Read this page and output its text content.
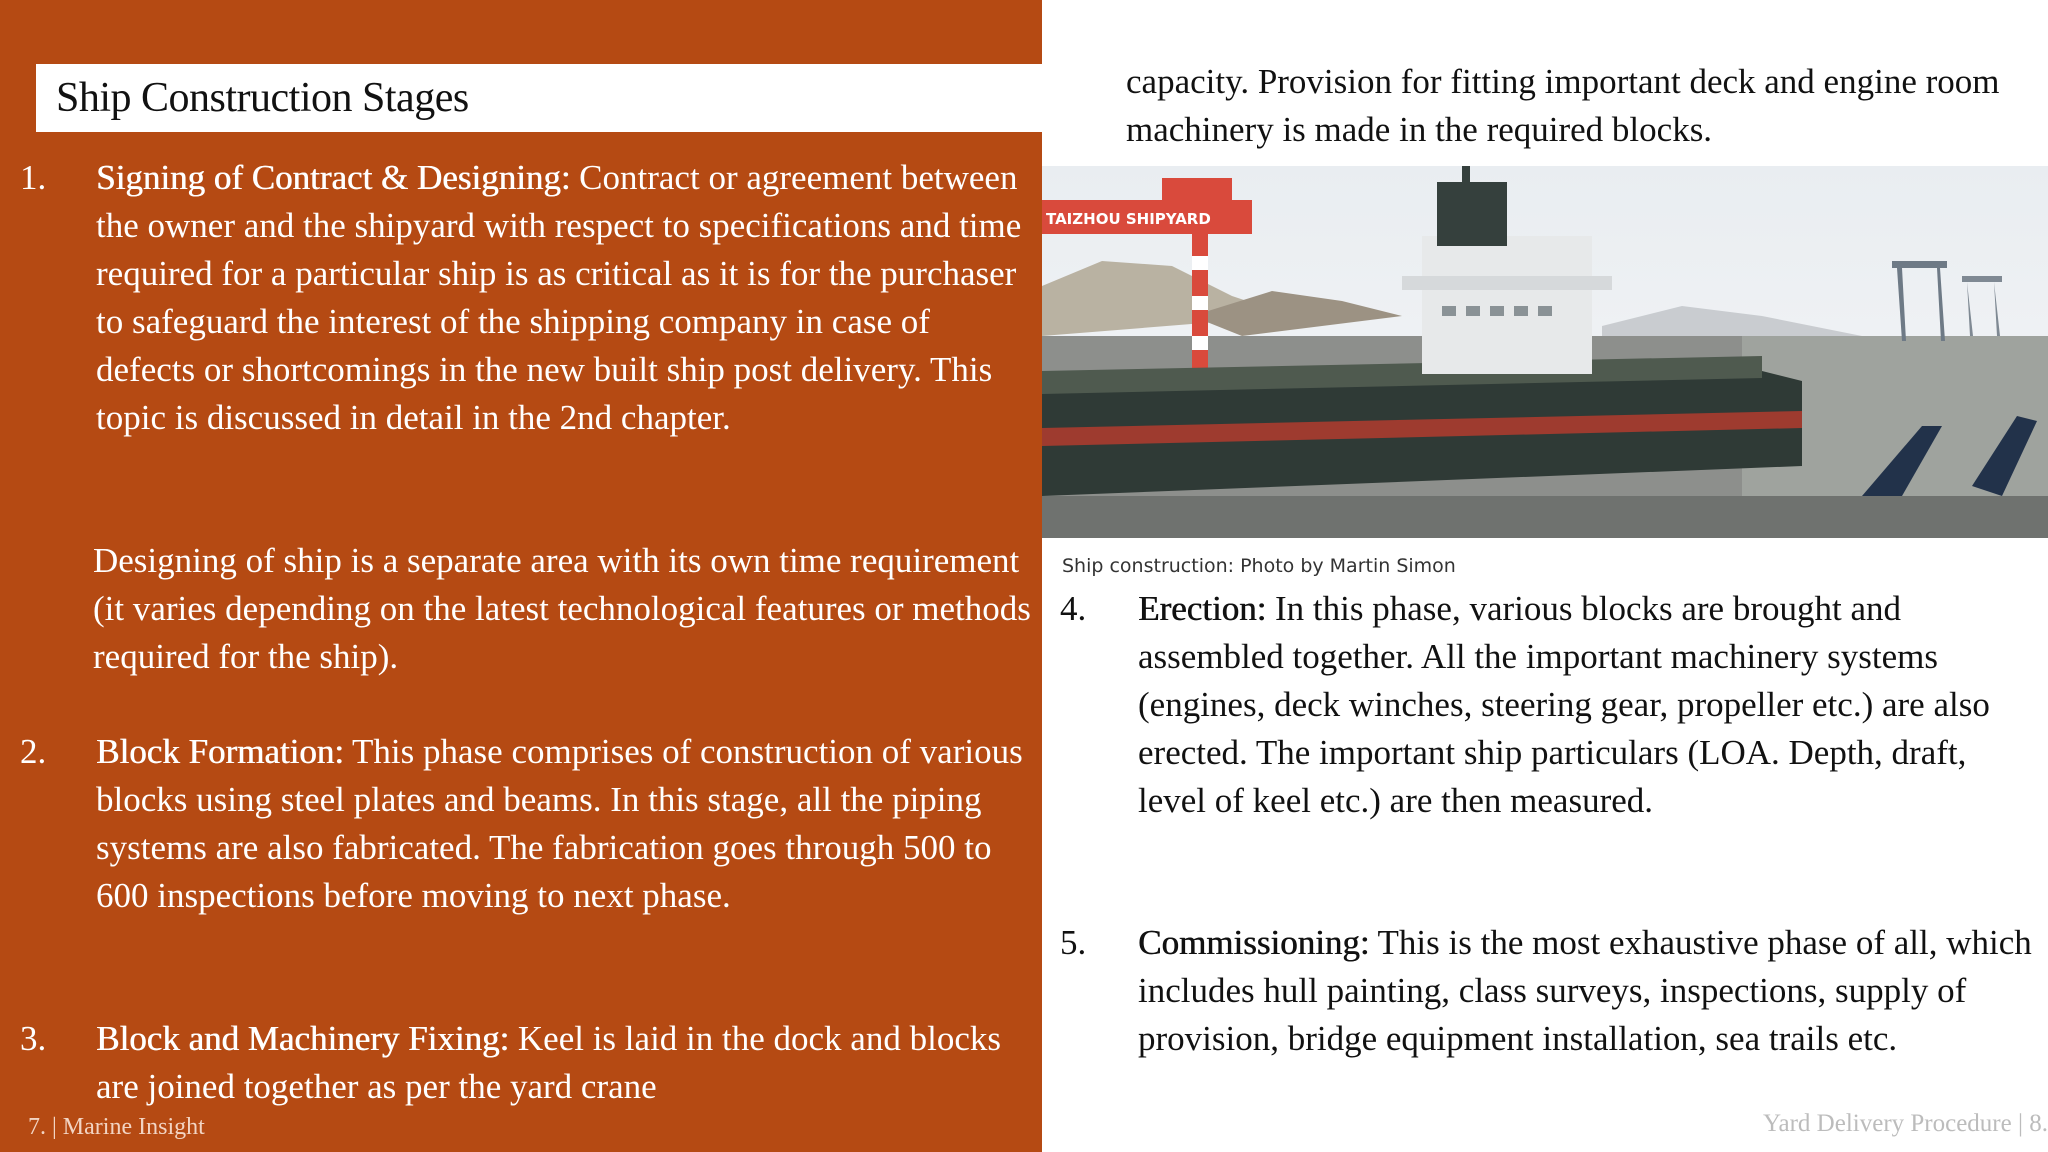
Ship Construction Stages
1. Signing of Contract & Designing: Contract or agreement between the owner and the shipyard with respect to specifications and time required for a particular ship is as critical as it is for the purchaser to safeguard the interest of the shipping company in case of defects or shortcomings in the new built ship post delivery. This topic is discussed in detail in the 2nd chapter.
Designing of ship is a separate area with its own time requirement (it varies depending on the latest technological features or methods required for the ship).
2. Block Formation: This phase comprises of construction of various blocks using steel plates and beams. In this stage, all the piping systems are also fabricated. The fabrication goes through 500 to 600 inspections before moving to next phase.
3. Block and Machinery Fixing: Keel is laid in the dock and blocks are joined together as per the yard crane
7. | Marine Insight
capacity. Provision for fitting important deck and engine room machinery is made in the required blocks.
TAIZHOU SHIPYARD
Ship construction: Photo by Martin Simon
4. Erection: In this phase, various blocks are brought and assembled together. All the important machinery systems (engines, deck winches, steering gear, propeller etc.) are also erected. The important ship particulars (LOA. Depth, draft, level of keel etc.) are then measured.
5. Commissioning: This is the most exhaustive phase of all, which includes hull painting, class surveys, inspections, supply of provision, bridge equipment installation, sea trails etc.
Yard Delivery Procedure | 8.
